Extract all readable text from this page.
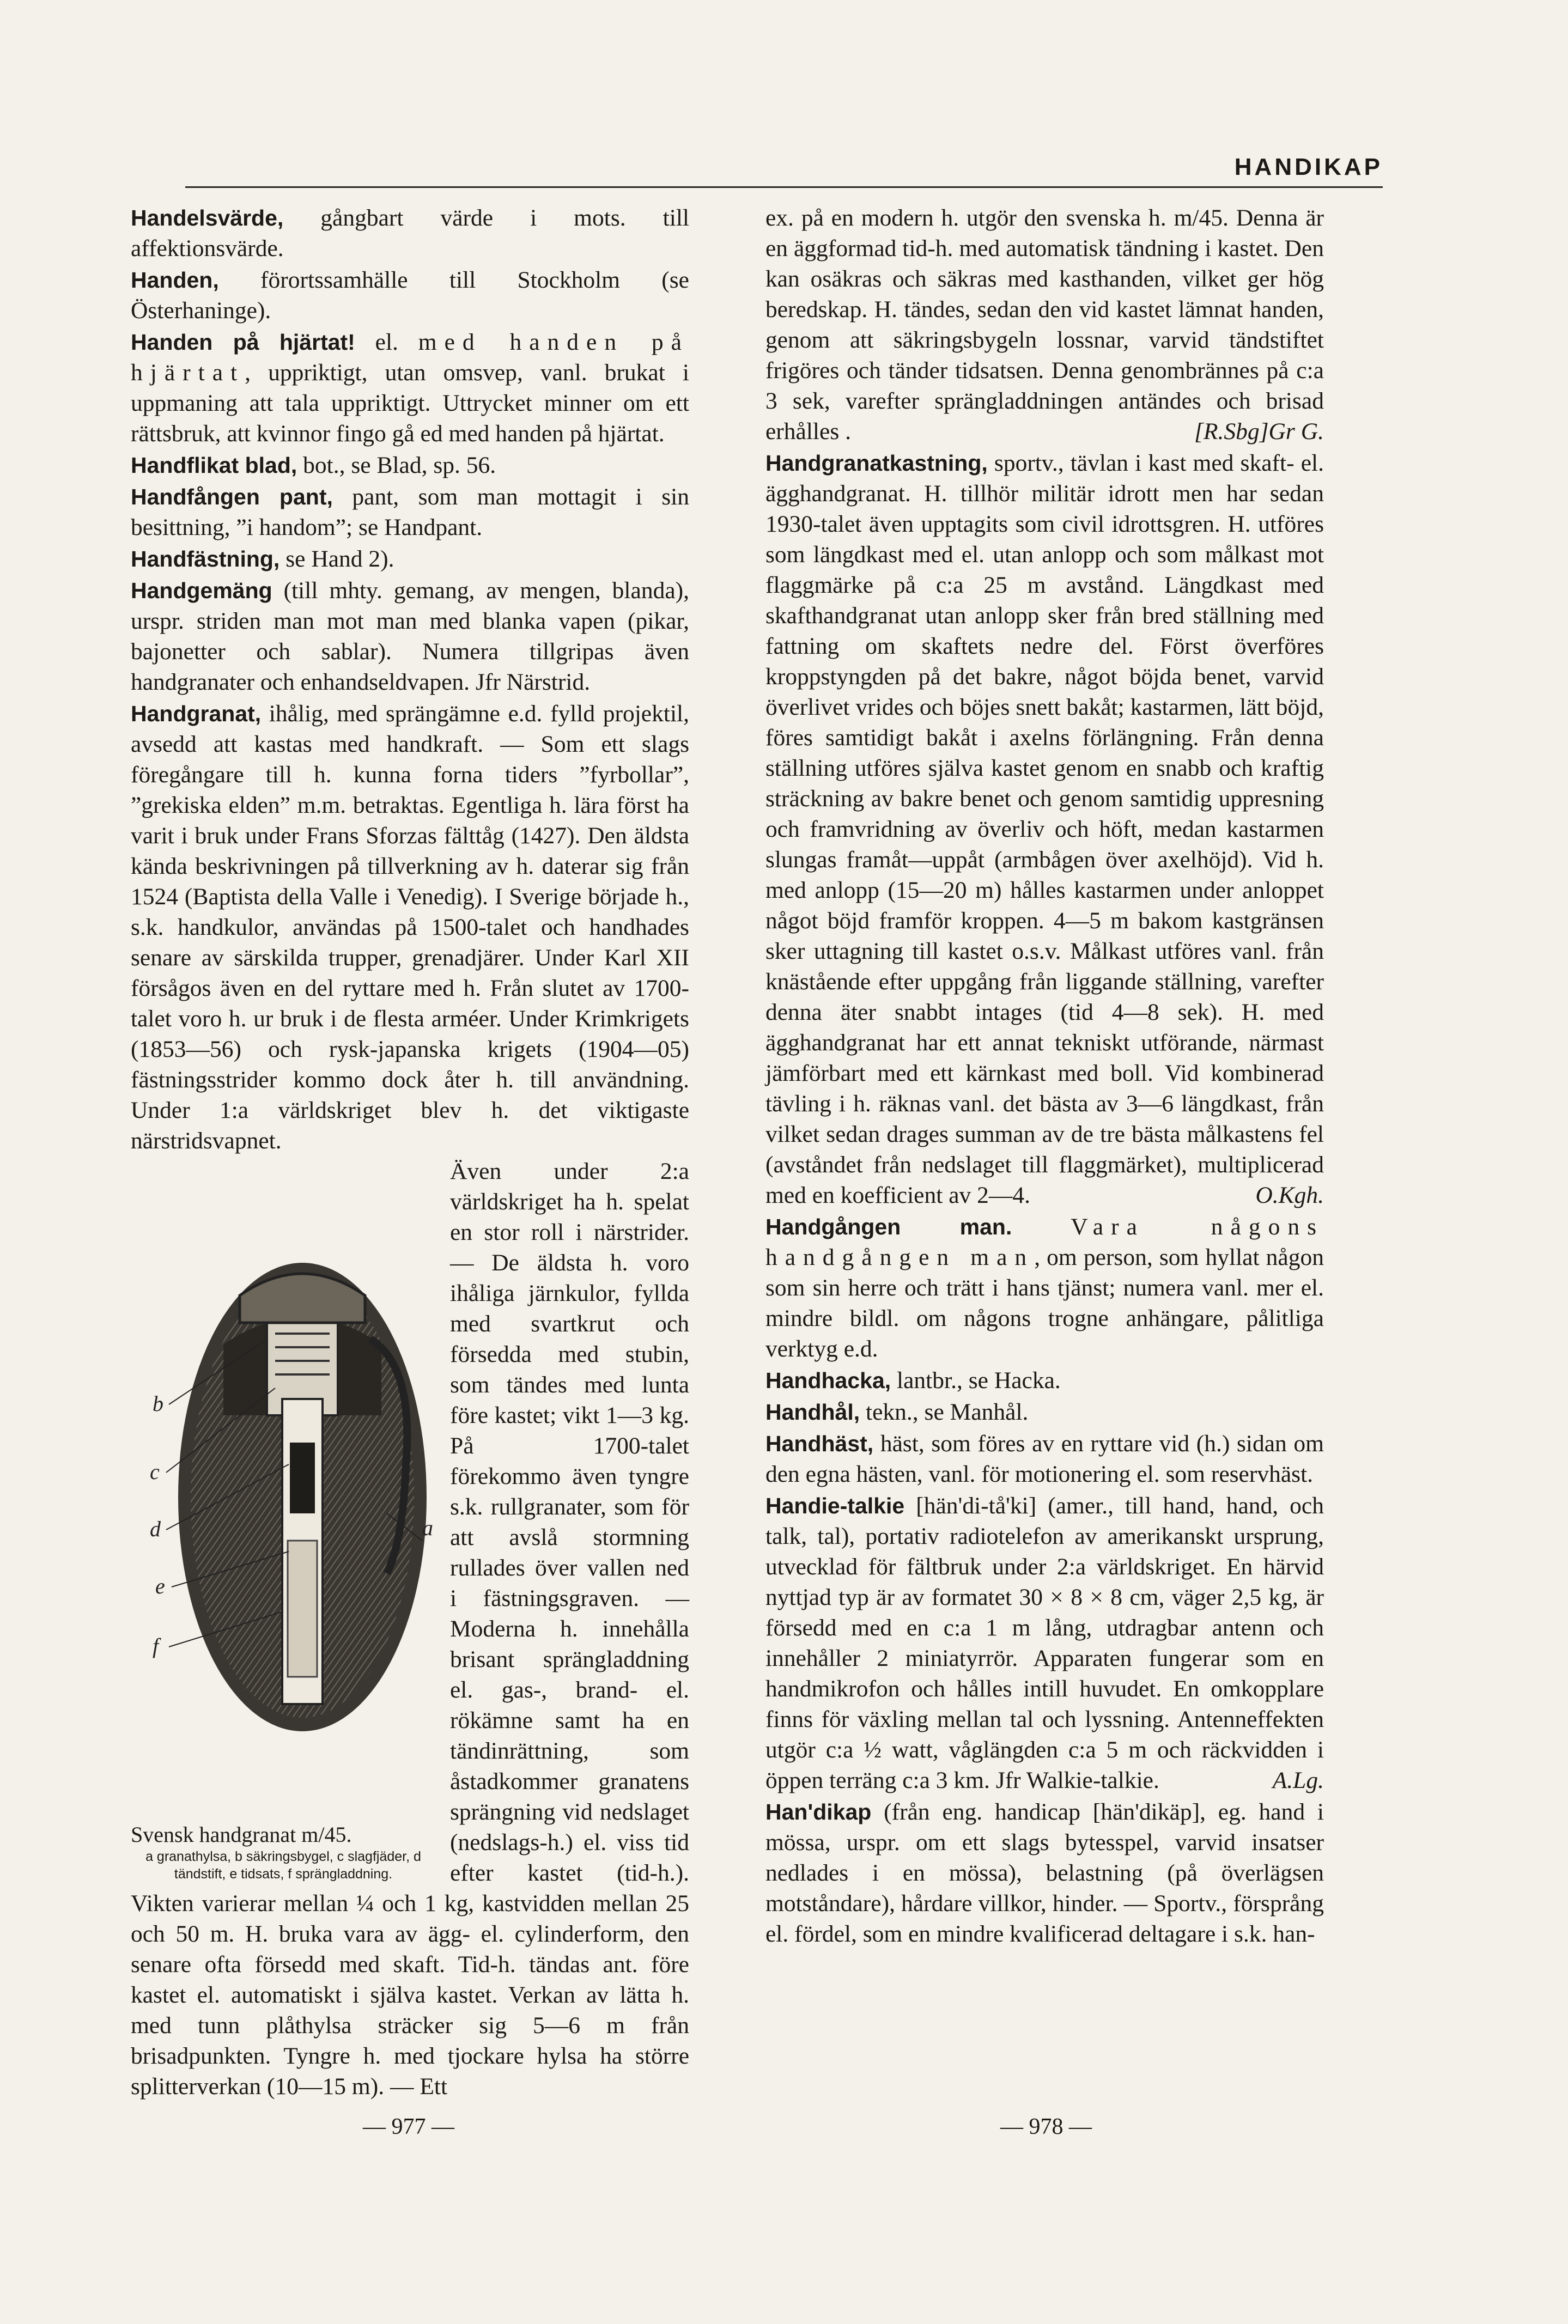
HANDIKAP

Handelsvärde, gångbart värde i mots. till affektionsvärde.

Handen, förortssamhälle till Stockholm (se Österhaninge).

Handen på hjärtat! el. med handen på hjärtat, uppriktigt, utan omsvep, vanl. brukat i uppmaning att tala uppriktigt. Uttrycket minner om ett rättsbruk, att kvinnor fingo gå ed med handen på hjärtat.

Handflikat blad, bot., se Blad, sp. 56.

Handfången pant, pant, som man mottagit i sin besittning, ”i handom”; se Handpant.

Handfästning, se Hand 2).

Handgemäng (till mhty. gemang, av mengen, blanda), urspr. striden man mot man med blanka vapen (pikar, bajonetter och sablar). Numera tillgripas även handgranater och enhandseldvapen. Jfr Närstrid.

Handgranat, ihålig, med sprängämne e.d. fylld projektil, avsedd att kastas med handkraft. — Som ett slags föregångare till h. kunna forna tiders ”fyrbollar”, ”grekiska elden” m.m. betraktas. Egentliga h. lära först ha varit i bruk under Frans Sforzas fälttåg (1427). Den äldsta kända beskrivningen på tillverkning av h. daterar sig från 1524 (Baptista della Valle i Venedig). I Sverige började h., s.k. handkulor, användas på 1500-talet och handhades senare av särskilda trupper, grenadjärer. Under Karl XII försågos även en del ryttare med h. Från slutet av 1700-talet voro h. ur bruk i de flesta arméer. Under Krimkrigets (1853—56) och rysk-japanska krigets (1904—05) fästningsstrider kommo dock åter h. till användning. Under 1:a världskriget blev h. det viktigaste närstridsvapnet.

b
c
d
e
f
a
Svensk handgranat m/45.
a granathylsa, b säkringsbygel, c slagfjäder, d tändstift, e tidsats, f sprängladdning.

Även under 2:a världskriget ha h. spelat en stor roll i närstrider. — De äldsta h. voro ihåliga järnkulor, fyllda med svartkrut och försedda med stubin, som tändes med lunta före kastet; vikt 1—3 kg. På 1700-talet förekommo även tyngre s.k. rullgranater, som för att avslå stormning rullades över vallen ned i fästningsgraven. — Moderna h. innehålla brisant sprängladdning el. gas-, brand- el. rökämne samt ha en tändinrättning, som åstadkommer granatens sprängning vid nedslaget (nedslags-h.) el. viss tid efter kastet (tid-h.). Vikten varierar mellan ¼ och 1 kg, kastvidden mellan 25 och 50 m. H. bruka vara av ägg- el. cylinderform, den senare ofta försedd med skaft. Tid-h. tändas ant. före kastet el. automatiskt i själva kastet. Verkan av lätta h. med tunn plåthylsa sträcker sig 5—6 m från brisadpunkten. Tyngre h. med tjockare hylsa ha större splitterverkan (10—15 m). — Ett

ex. på en modern h. utgör den svenska h. m/45. Denna är en äggformad tid-h. med automatisk tändning i kastet. Den kan osäkras och säkras med kasthanden, vilket ger hög beredskap. H. tändes, sedan den vid kastet lämnat handen, genom att säkringsbygeln lossnar, varvid tändstiftet frigöres och tänder tidsatsen. Denna genombrännes på c:a 3 sek, varefter sprängladdningen antändes och brisad erhålles .	[R.Sbg]Gr G.

Handgranatkastning, sportv., tävlan i kast med skaft- el. ägghandgranat. H. tillhör militär idrott men har sedan 1930-talet även upptagits som civil idrottsgren. H. utföres som längdkast med el. utan anlopp och som målkast mot flaggmärke på c:a 25 m avstånd. Längdkast med skafthandgranat utan anlopp sker från bred ställning med fattning om skaftets nedre del. Först överföres kroppstyngden på det bakre, något böjda benet, varvid överlivet vrides och böjes snett bakåt; kastarmen, lätt böjd, föres samtidigt bakåt i axelns förlängning. Från denna ställning utföres själva kastet genom en snabb och kraftig sträckning av bakre benet och genom samtidig uppresning och framvridning av överliv och höft, medan kastarmen slungas framåt—uppåt (armbågen över axelhöjd). Vid h. med anlopp (15—20 m) hålles kastarmen under anloppet något böjd framför kroppen. 4—5 m bakom kastgränsen sker uttagning till kastet o.s.v. Målkast utföres vanl. från knästående efter uppgång från liggande ställning, varefter denna äter snabbt intages (tid 4—8 sek). H. med ägghandgranat har ett annat tekniskt utförande, närmast jämförbart med ett kärnkast med boll. Vid kombinerad tävling i h. räknas vanl. det bästa av 3—6 längdkast, från vilket sedan drages summan av de tre bästa målkastens fel (avståndet från nedslaget till flaggmärket), multiplicerad med en koefficient av 2—4.	O.Kgh.

Handgången man. Vara någons handgången man, om person, som hyllat någon som sin herre och trätt i hans tjänst; numera vanl. mer el. mindre bildl. om någons trogne anhängare, pålitliga verktyg e.d.

Handhacka, lantbr., se Hacka.

Handhål, tekn., se Manhål.

Handhäst, häst, som föres av en ryttare vid (h.) sidan om den egna hästen, vanl. för motionering el. som reservhäst.

Handie-talkie [hän'di-tå'ki] (amer., till hand, hand, och talk, tal), portativ radiotelefon av amerikanskt ursprung, utvecklad för fältbruk under 2:a världskriget. En härvid nyttjad typ är av formatet 30 × 8 × 8 cm, väger 2,5 kg, är försedd med en c:a 1 m lång, utdragbar antenn och innehåller 2 miniatyrrör. Apparaten fungerar som en handmikrofon och hålles intill huvudet. En omkopplare finns för växling mellan tal och lyssning. Antenneffekten utgör c:a ½ watt, våglängden c:a 5 m och räckvidden i öppen terräng c:a 3 km. Jfr Walkie-talkie.	A.Lg.

Han'dikap (från eng. handicap [hän'dikäp], eg. hand i mössa, urspr. om ett slags bytesspel, varvid insatser nedlades i en mössa), belastning (på överlägsen motståndare), hårdare villkor, hinder. — Sportv., försprång el. fördel, som en mindre kvalificerad deltagare i s.k. han-

— 977 —	— 978 —
